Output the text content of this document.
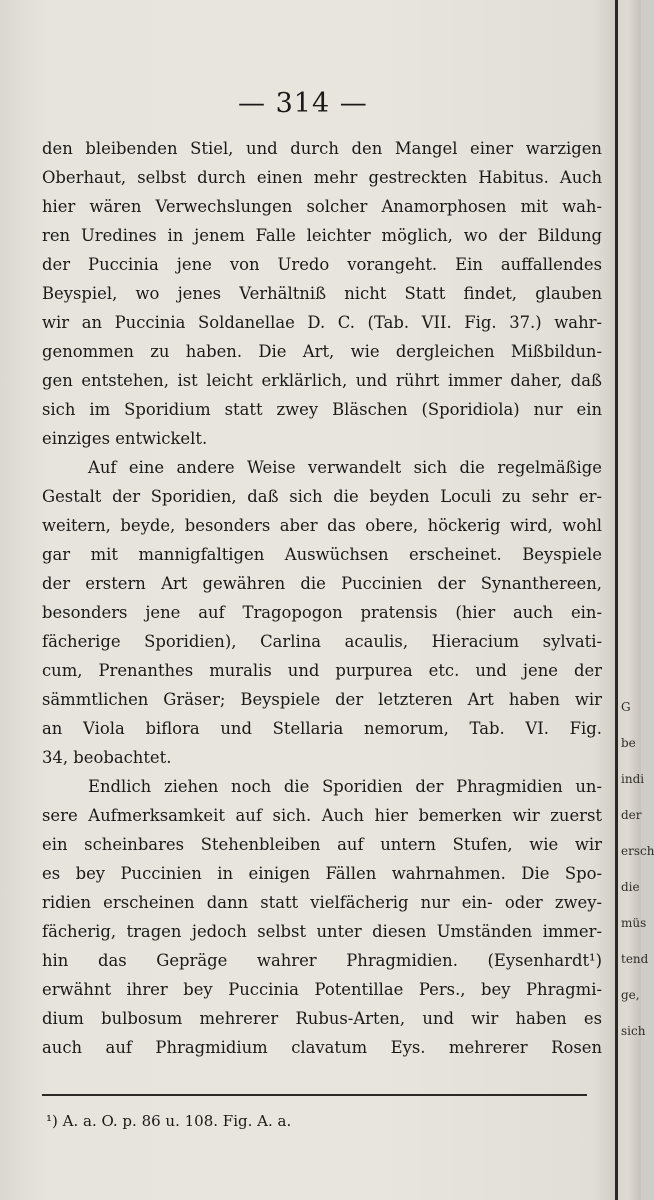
G
be
indi
der
ersch
die
müs
tend
ge,
sich
— 314 —
den bleibenden Stiel, und durch den Mangel einer warzigen
Oberhaut, selbst durch einen mehr gestreckten Habitus. Auch
hier wären Verwechslungen solcher Anamorphosen mit wah-
ren Uredines in jenem Falle leichter möglich, wo der Bildung
der Puccinia jene von Uredo vorangeht. Ein auffallendes
Beyspiel, wo jenes Verhältniß nicht Statt findet, glauben
wir an Puccinia Soldanellae D. C. (Tab. VII. Fig. 37.) wahr-
genommen zu haben. Die Art, wie dergleichen Mißbildun-
gen entstehen, ist leicht erklärlich, und rührt immer daher, daß
sich im Sporidium statt zwey Bläschen (Sporidiola) nur ein
einziges entwickelt.
Auf eine andere Weise verwandelt sich die regelmäßige
Gestalt der Sporidien, daß sich die beyden Loculi zu sehr er-
weitern, beyde, besonders aber das obere, höckerig wird, wohl
gar mit mannigfaltigen Auswüchsen erscheinet. Beyspiele
der erstern Art gewähren die Puccinien der Synanthereen,
besonders jene auf Tragopogon pratensis (hier auch ein-
fächerige Sporidien), Carlina acaulis, Hieracium sylvati-
cum, Prenanthes muralis und purpurea etc. und jene der
sämmtlichen Gräser; Beyspiele der letzteren Art haben wir
an Viola biflora und Stellaria nemorum, Tab. VI. Fig.
34, beobachtet.
Endlich ziehen noch die Sporidien der Phragmidien un-
sere Aufmerksamkeit auf sich. Auch hier bemerken wir zuerst
ein scheinbares Stehenbleiben auf untern Stufen, wie wir
es bey Puccinien in einigen Fällen wahrnahmen. Die Spo-
ridien erscheinen dann statt vielfächerig nur ein- oder zwey-
fächerig, tragen jedoch selbst unter diesen Umständen immer-
hin das Gepräge wahrer Phragmidien. (Eysenhardt¹)
erwähnt ihrer bey Puccinia Potentillae Pers., bey Phragmi-
dium bulbosum mehrerer Rubus-Arten, und wir haben es
auch auf Phragmidium clavatum Eys. mehrerer Rosen
¹) A. a. O. p. 86 u. 108. Fig. A. a.
